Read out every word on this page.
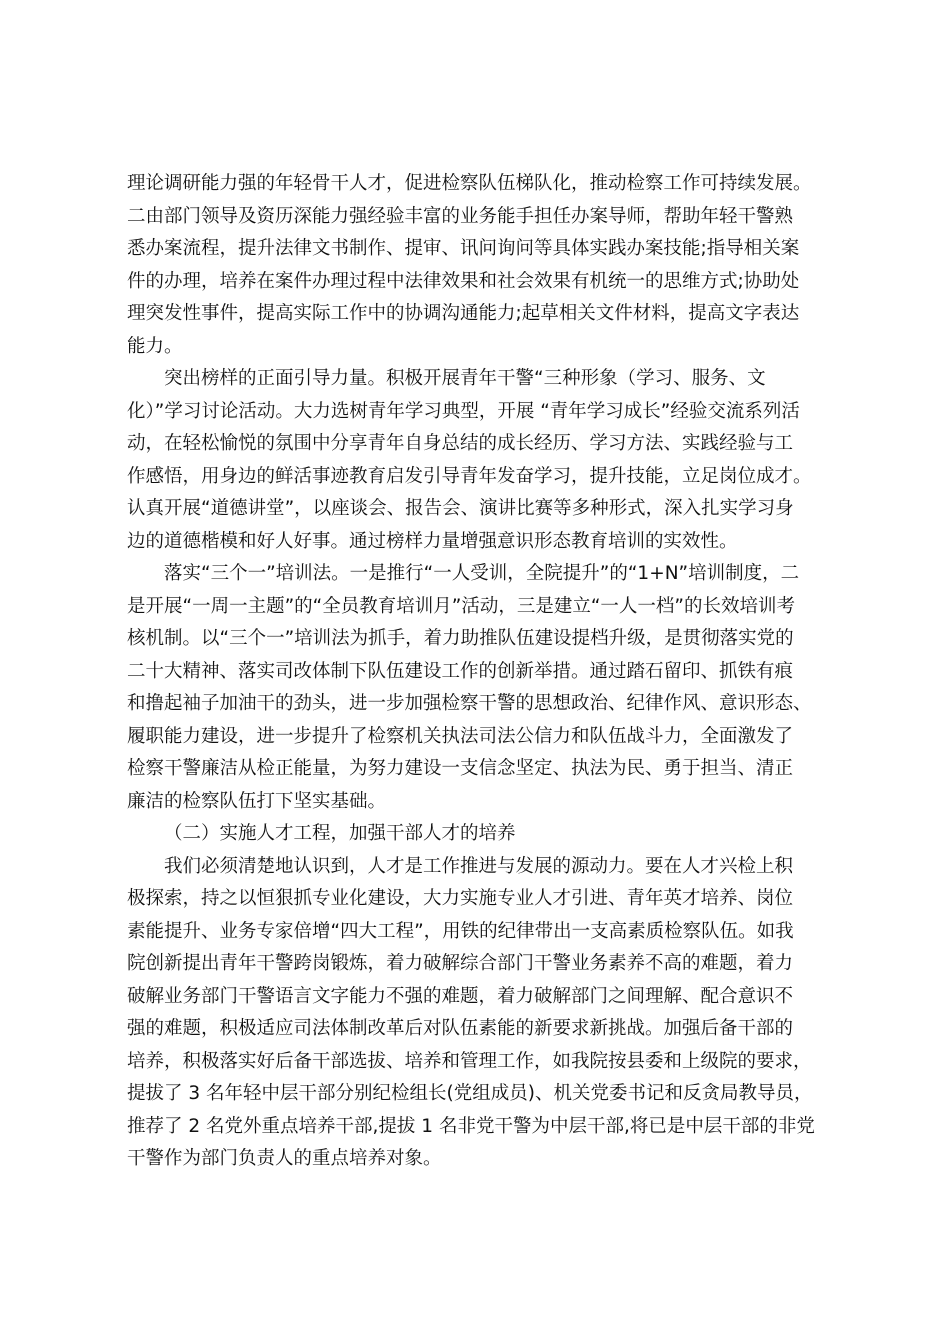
理论调研能力强的年轻骨干人才，促进检察队伍梯队化，推动检察工作可持续发展。
二由部门领导及资历深能力强经验丰富的业务能手担任办案导师，帮助年轻干警熟
悉办案流程，提升法律文书制作、提审、讯问询问等具体实践办案技能;指导相关案
件的办理，培养在案件办理过程中法律效果和社会效果有机统一的思维方式;协助处
理突发性事件，提高实际工作中的协调沟通能力;起草相关文件材料，提高文字表达
能力。
突出榜样的正面引导力量。积极开展青年干警“三种形象（学习、服务、文
化）”学习讨论活动。大力选树青年学习典型，开展 “青年学习成长”经验交流系列活
动，在轻松愉悦的氛围中分享青年自身总结的成长经历、学习方法、实践经验与工
作感悟，用身边的鲜活事迹教育启发引导青年发奋学习，提升技能，立足岗位成才。
认真开展“道德讲堂”，以座谈会、报告会、演讲比赛等多种形式，深入扎实学习身
边的道德楷模和好人好事。通过榜样力量增强意识形态教育培训的实效性。
落实“三个一”培训法。一是推行“一人受训，全院提升”的“1+N”培训制度，二
是开展“一周一主题”的“全员教育培训月”活动，三是建立“一人一档”的长效培训考
核机制。以“三个一”培训法为抓手，着力助推队伍建设提档升级，是贯彻落实党的
二十大精神、落实司改体制下队伍建设工作的创新举措。通过踏石留印、抓铁有痕
和撸起袖子加油干的劲头，进一步加强检察干警的思想政治、纪律作风、意识形态、
履职能力建设，进一步提升了检察机关执法司法公信力和队伍战斗力，全面激发了
检察干警廉洁从检正能量，为努力建设一支信念坚定、执法为民、勇于担当、清正
廉洁的检察队伍打下坚实基础。
（二）实施人才工程，加强干部人才的培养
我们必须清楚地认识到，人才是工作推进与发展的源动力。要在人才兴检上积
极探索，持之以恒狠抓专业化建设，大力实施专业人才引进、青年英才培养、岗位
素能提升、业务专家倍增“四大工程”，用铁的纪律带出一支高素质检察队伍。如我
院创新提出青年干警跨岗锻炼，着力破解综合部门干警业务素养不高的难题，着力
破解业务部门干警语言文字能力不强的难题，着力破解部门之间理解、配合意识不
强的难题，积极适应司法体制改革后对队伍素能的新要求新挑战。加强后备干部的
培养，积极落实好后备干部选拔、培养和管理工作，如我院按县委和上级院的要求，
提拔了 3 名年轻中层干部分别纪检组长(党组成员)、机关党委书记和反贪局教导员，
推荐了 2 名党外重点培养干部,提拔 1 名非党干警为中层干部,将已是中层干部的非党
干警作为部门负责人的重点培养对象。
